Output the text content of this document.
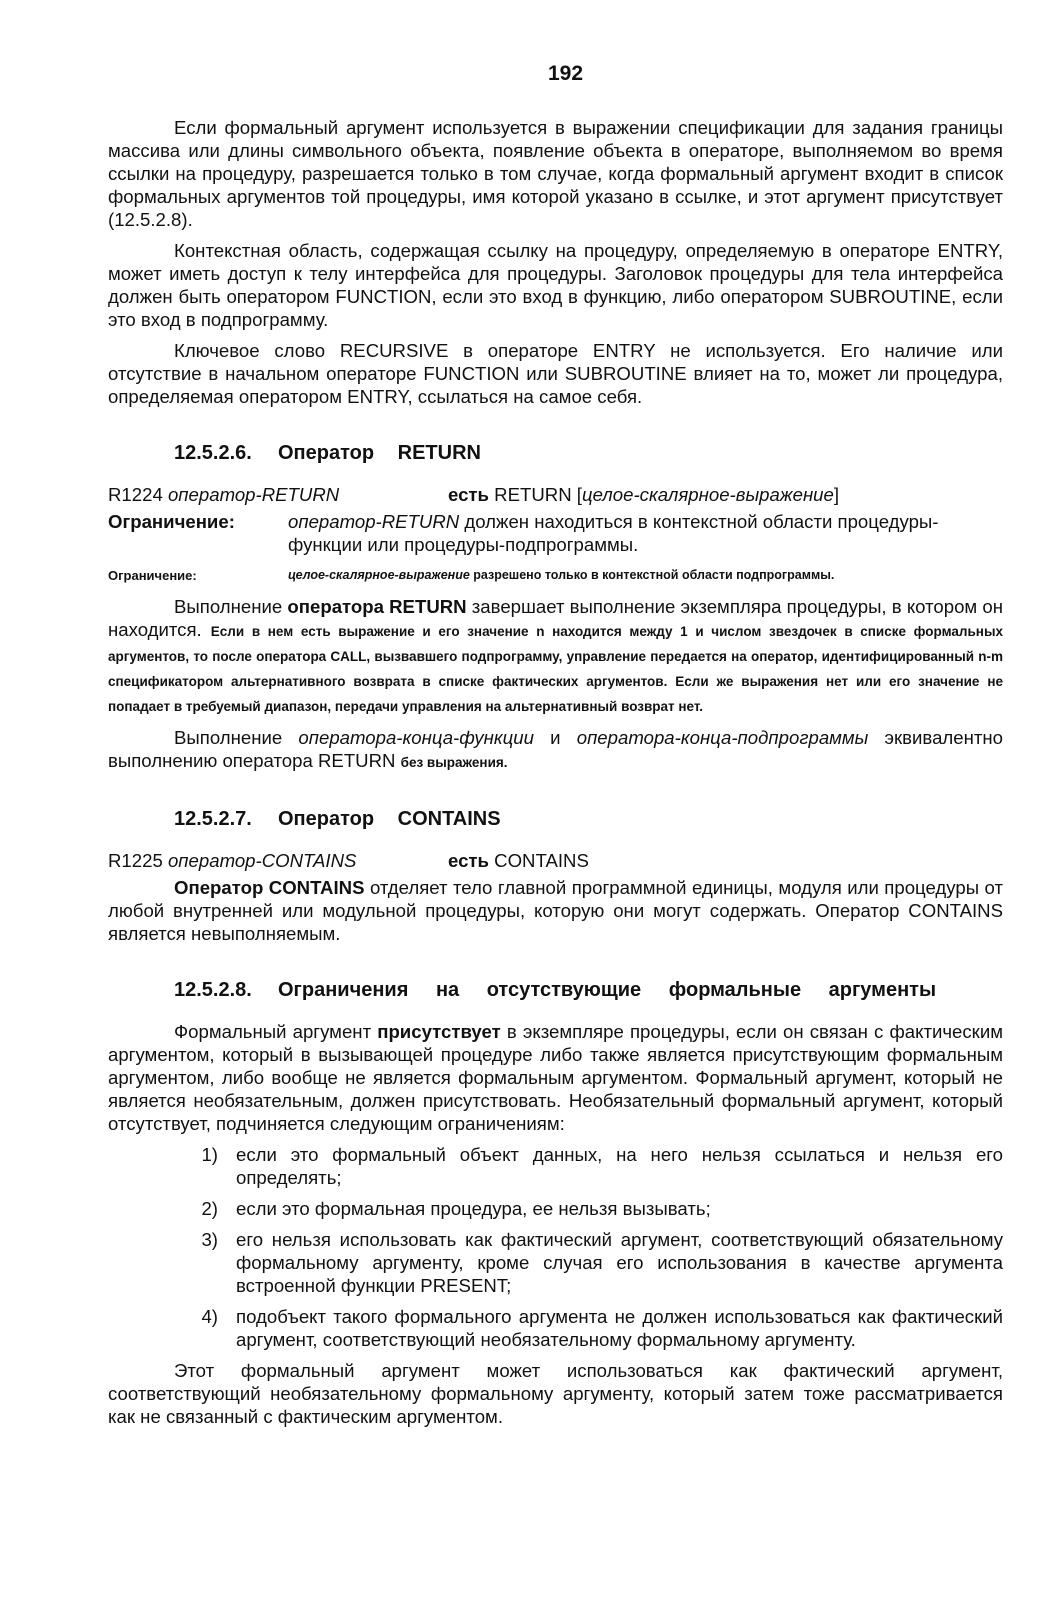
192

Если формальный аргумент используется в выражении спецификации для задания границы массива или длины символьного объекта, появление объекта в операторе, выполняемом во время ссылки на процедуру, разрешается только в том случае, когда формальный аргумент входит в список формальных аргументов той процедуры, имя которой указано в ссылке, и этот аргумент присутствует (12.5.2.8).

Контекстная область, содержащая ссылку на процедуру, определяемую в операторе ENTRY, может иметь доступ к телу интерфейса для процедуры. Заголовок процедуры для тела интерфейса должен быть оператором FUNCTION, если это вход в функцию, либо оператором SUBROUTINE, если это вход в подпрограмму.

Ключевое слово RECURSIVE в операторе ENTRY не используется. Его наличие или отсутствие в начальном операторе FUNCTION или SUBROUTINE влияет на то, может ли процедура, определяемая оператором ENTRY, ссылаться на самое себя.

12.5.2.6.	Оператор RETURN
R1224 оператор-RETURN	есть RETURN [целое-скалярное-выражение]
Ограничение:	оператор-RETURN должен находиться в контекстной области процедуры-функции или процедуры-подпрограммы.
Ограничение:	целое-скалярное-выражение разрешено только в контекстной области подпрограммы.

Выполнение оператора RETURN завершает выполнение экземпляра процедуры, в котором он находится. Если в нем есть выражение и его значение n находится между 1 и числом звездочек в списке формальных аргументов, то после оператора CALL, вызвавшего подпрограмму, управление передается на оператор, идентифицированный n-m спецификатором альтернативного возврата в списке фактических аргументов. Если же выражения нет или его значение не попадает в требуемый диапазон, передачи управления на альтернативный возврат нет.

Выполнение оператора-конца-функции и оператора-конца-подпрограммы эквивалентно выполнению оператора RETURN без выражения.

12.5.2.7.	Оператор CONTAINS
R1225 оператор-CONTAINS	есть CONTAINS

Оператор CONTAINS отделяет тело главной программной единицы, модуля или процедуры от любой внутренней или модульной процедуры, которую они могут содержать. Оператор CONTAINS является невыполняемым.

12.5.2.8.	Ограничения на отсутствующие формальные аргументы

Формальный аргумент присутствует в экземпляре процедуры, если он связан с фактическим аргументом, который в вызывающей процедуре либо также является присутствующим формальным аргументом, либо вообще не является формальным аргументом. Формальный аргумент, который не является необязательным, должен присутствовать. Необязательный формальный аргумент, который отсутствует, подчиняется следующим ограничениям:

1) если это формальный объект данных, на него нельзя ссылаться и нельзя его определять;
2) если это формальная процедура, ее нельзя вызывать;
3) его нельзя использовать как фактический аргумент, соответствующий обязательному формальному аргументу, кроме случая его использования в качестве аргумента встроенной функции PRESENT;
4) подобъект такого формального аргумента не должен использоваться как фактический аргумент, соответствующий необязательному формальному аргументу.

Этот формальный аргумент может использоваться как фактический аргумент, соответствующий необязательному формальному аргументу, который затем тоже рассматривается как не связанный с фактическим аргументом.
